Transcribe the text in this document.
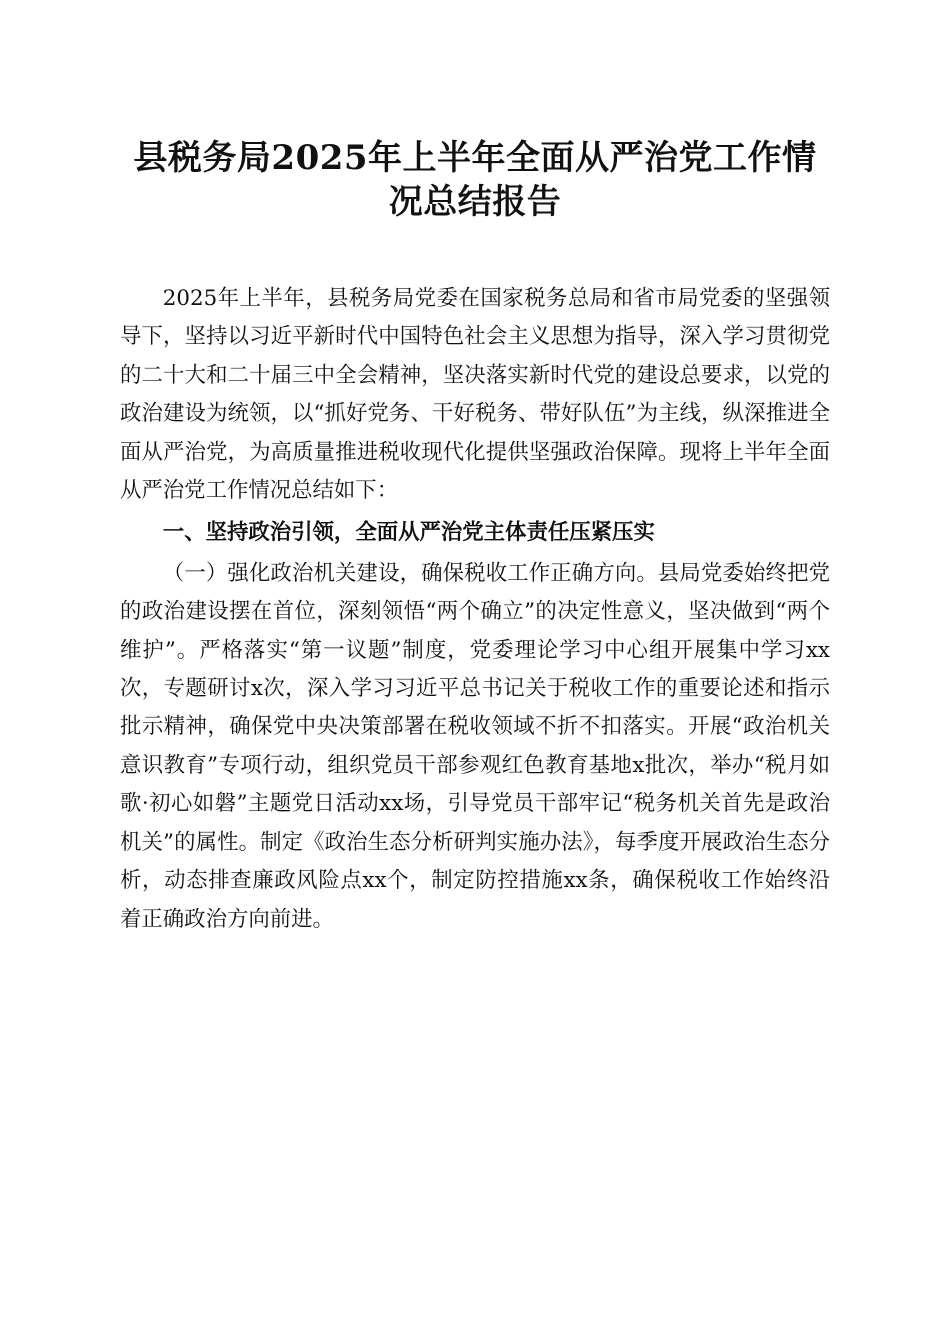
县税务局2025年上半年全面从严治党工作情况总结报告

2025年上半年，县税务局党委在国家税务总局和省市局党委的坚强领导下，坚持以习近平新时代中国特色社会主义思想为指导，深入学习贯彻党的二十大和二十届三中全会精神，坚决落实新时代党的建设总要求，以党的政治建设为统领，以“抓好党务、干好税务、带好队伍”为主线，纵深推进全面从严治党，为高质量推进税收现代化提供坚强政治保障。现将上半年全面从严治党工作情况总结如下：

一、坚持政治引领，全面从严治党主体责任压紧压实

（一）强化政治机关建设，确保税收工作正确方向。县局党委始终把党的政治建设摆在首位，深刻领悟“两个确立”的决定性意义，坚决做到“两个维护”。严格落实“第一议题”制度，党委理论学习中心组开展集中学习xx次，专题研讨x次，深入学习习近平总书记关于税收工作的重要论述和指示批示精神，确保党中央决策部署在税收领域不折不扣落实。开展“政治机关意识教育”专项行动，组织党员干部参观红色教育基地x批次，举办“税月如歌·初心如磐”主题党日活动xx场，引导党员干部牢记“税务机关首先是政治机关”的属性。制定《政治生态分析研判实施办法》，每季度开展政治生态分析，动态排查廉政风险点xx个，制定防控措施xx条，确保税收工作始终沿着正确政治方向前进。
